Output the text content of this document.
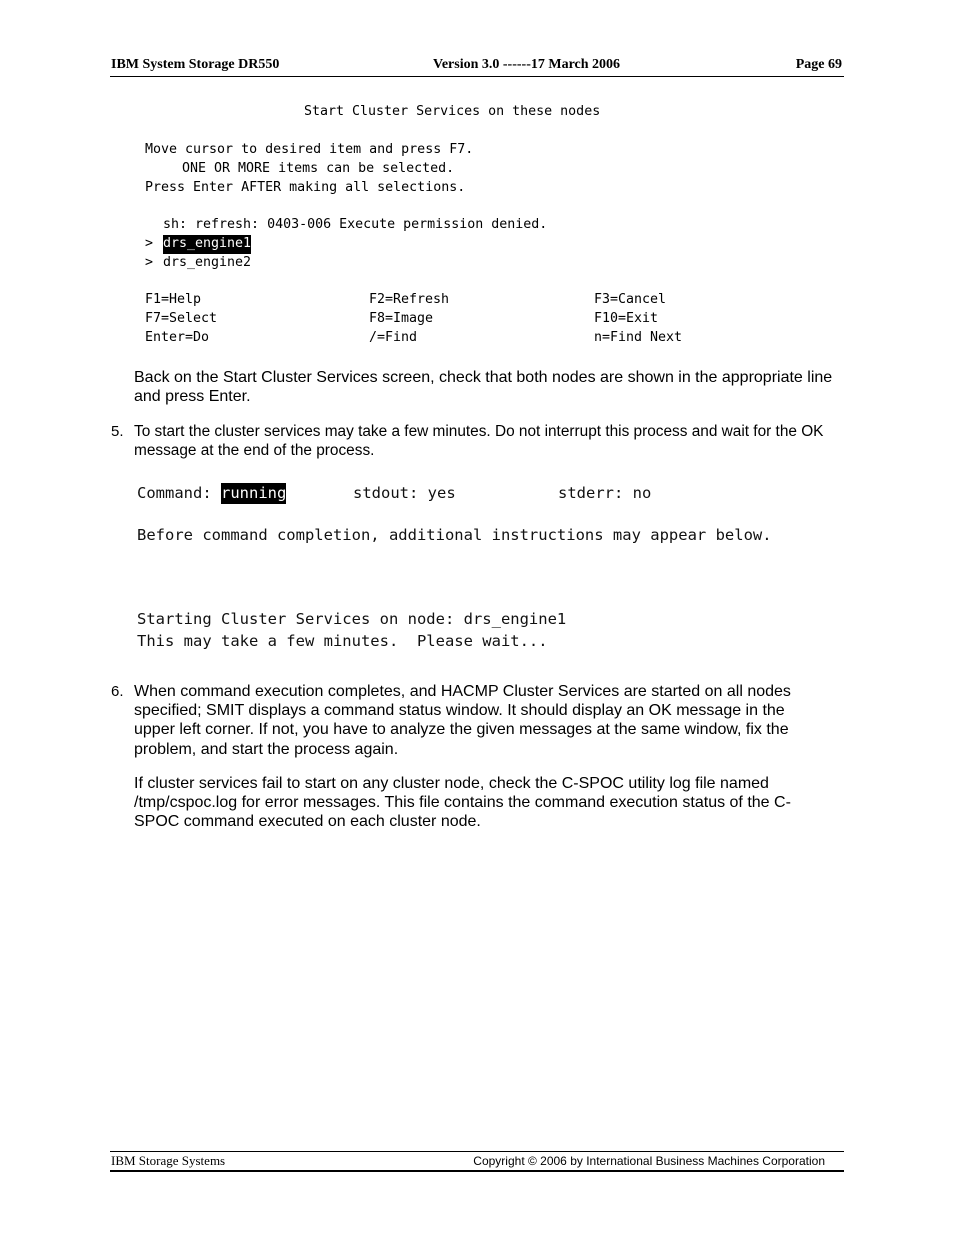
IBM System Storage DR550	Version 3.0 ------17 March 2006	Page 69
Start Cluster Services on these nodes
Move cursor to desired item and press F7.
ONE OR MORE items can be selected.
Press Enter AFTER making all selections.
sh: refresh: 0403-006 Execute permission denied.
> drs_engine1
> drs_engine2
F1=Help	F2=Refresh	F3=Cancel
F7=Select	F8=Image	F10=Exit
Enter=Do	/=Find	n=Find Next
Back on the Start Cluster Services screen, check that both nodes are shown in the appropriate line and press Enter.
5. To start the cluster services may take a few minutes. Do not interrupt this process and wait for the OK
message at the end of the process.
Command: running	stdout: yes	stderr: no
Before command completion, additional instructions may appear below.
Starting Cluster Services on node: drs_engine1
This may take a few minutes.  Please wait...
6. When command execution completes, and HACMP Cluster Services are started on all nodes
specified; SMIT displays a command status window. It should display an OK message in the
upper left corner. If not, you have to analyze the given messages at the same window, fix the
problem, and start the process again.
If cluster services fail to start on any cluster node, check the C-SPOC utility log file named
/tmp/cspoc.log for error messages. This file contains the command execution status of the C-
SPOC command executed on each cluster node.
IBM Storage Systems	Copyright © 2006 by International Business Machines Corporation
